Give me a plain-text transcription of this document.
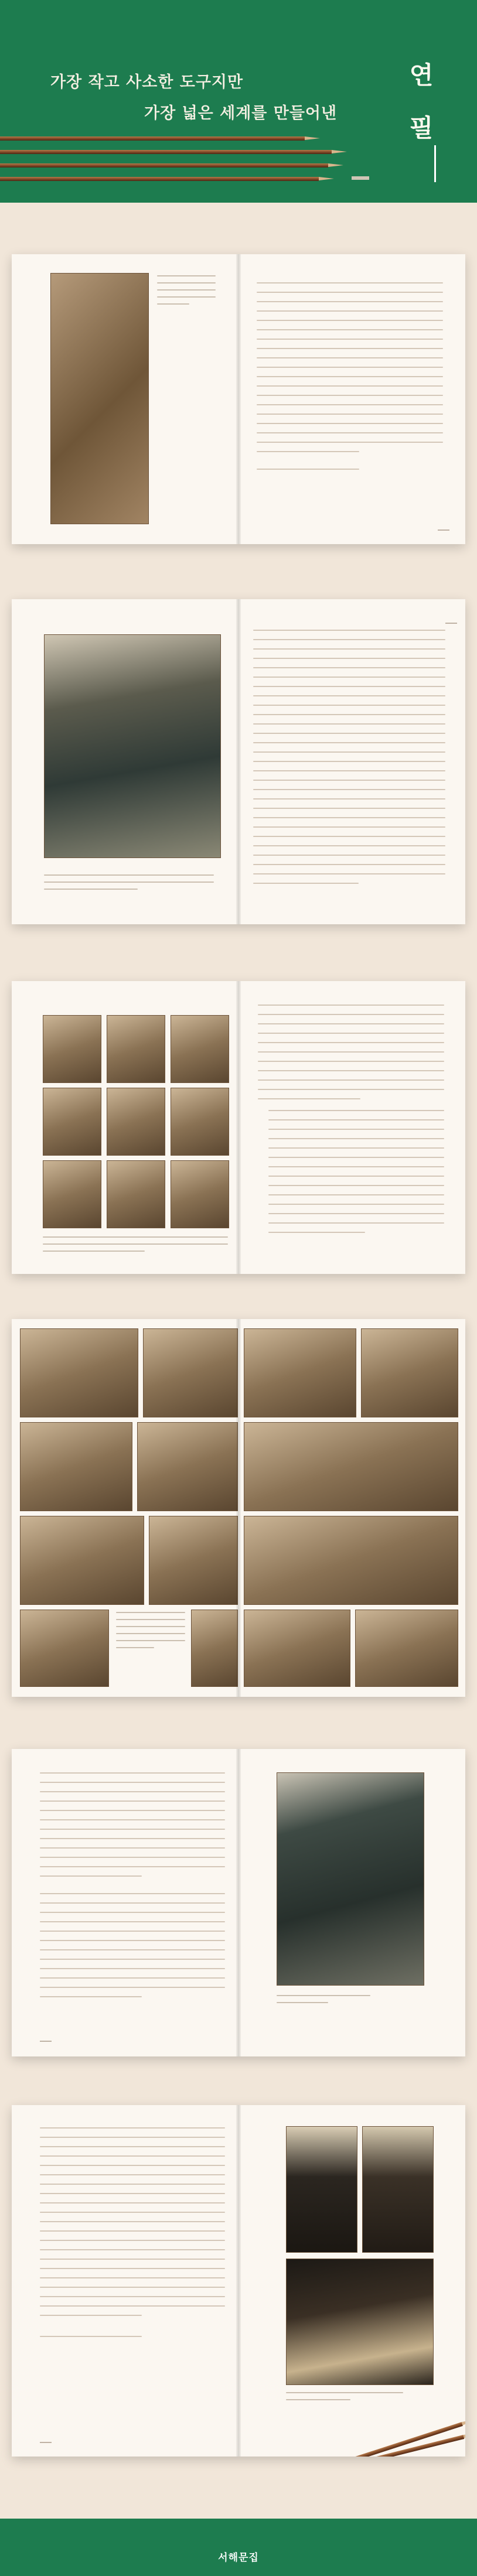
가장 작고 사소한 도구지만
가장 넓은 세계를 만들어낸
연필
서해문집
